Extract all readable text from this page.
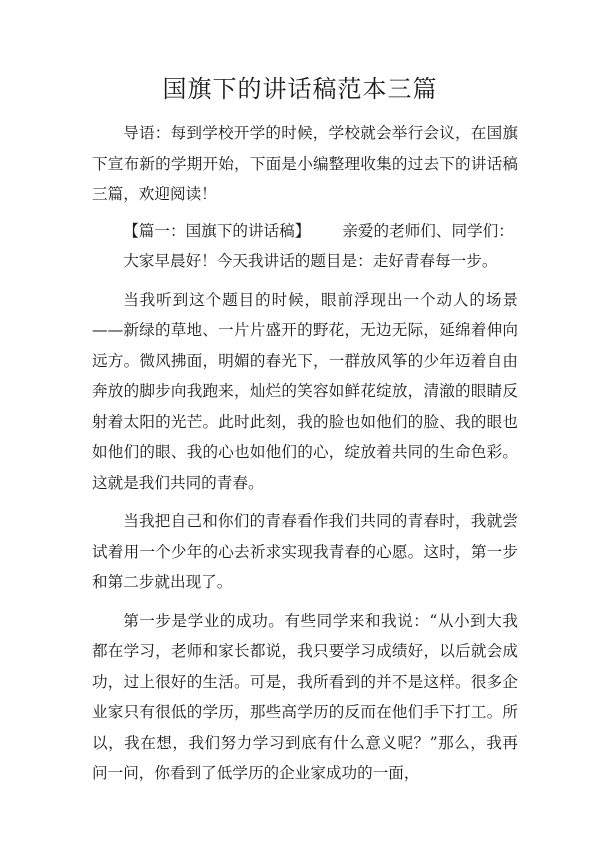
国旗下的讲话稿范本三篇

导语：每到学校开学的时候，学校就会举行会议，在国旗下宣布新的学期开始，下面是小编整理收集的过去下的讲话稿三篇，欢迎阅读！

【篇一：国旗下的讲话稿】 亲爱的老师们、同学们：

大家早晨好！今天我讲话的题目是：走好青春每一步。

当我听到这个题目的时候，眼前浮现出一个动人的场景——新绿的草地、一片片盛开的野花，无边无际，延绵着伸向远方。微风拂面，明媚的春光下，一群放风筝的少年迈着自由奔放的脚步向我跑来，灿烂的笑容如鲜花绽放，清澈的眼睛反射着太阳的光芒。此时此刻，我的脸也如他们的脸、我的眼也如他们的眼、我的心也如他们的心，绽放着共同的生命色彩。这就是我们共同的青春。

当我把自己和你们的青春看作我们共同的青春时，我就尝试着用一个少年的心去祈求实现我青春的心愿。这时，第一步和第二步就出现了。

第一步是学业的成功。有些同学来和我说：“从小到大我都在学习，老师和家长都说，我只要学习成绩好，以后就会成功，过上很好的生活。可是，我所看到的并不是这样。很多企业家只有很低的学历，那些高学历的反而在他们手下打工。所以，我在想，我们努力学习到底有什么意义呢？”那么，我再问一问，你看到了低学历的企业家成功的一面，
